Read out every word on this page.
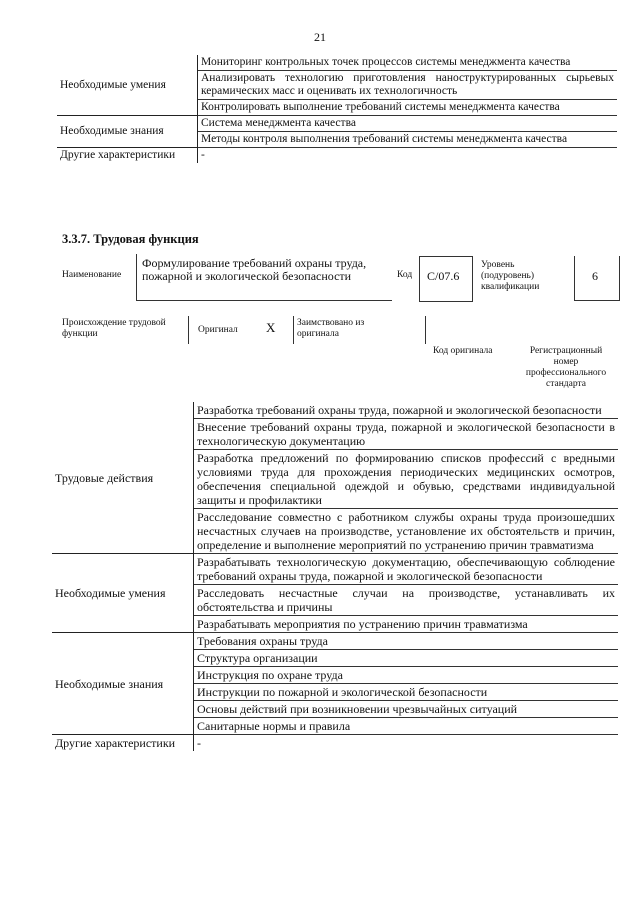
21
Необходимые умения	Мониторинг контрольных точек процессов системы менеджмента качества
	Анализировать технологию приготовления наноструктурированных сырьевых керамических масс и оценивать их технологичность
	Контролировать выполнение требований системы менеджмента качества
Необходимые знания	Система менеджмента качества
	Методы контроля выполнения требований системы менеджмента качества
Другие характеристики	-
3.3.7. Трудовая функция
Наименование
Формулирование требований охраны труда, пожарной и экологической безопасности	Код С/07.6
Уровень (подуровень) квалификации
6
Происхождение трудовой функции	Оригинал X Заимствовано из оригинала
Код оригинала	Регистрационный номер профессионального стандарта
Трудовые действия	Разработка требований охраны труда, пожарной и экологической безопасности
	Внесение требований охраны труда, пожарной и экологической безопасности в технологическую документацию
	Разработка предложений по формированию списков профессий с вредными условиями труда для прохождения периодических медицинских осмотров, обеспечения специальной одеждой и обувью, средствами индивидуальной защиты и профилактики
	Расследование совместно с работником службы охраны труда произошедших несчастных случаев на производстве, установление их обстоятельств и причин, определение и выполнение мероприятий по устранению причин травматизма
Необходимые умения	Разрабатывать технологическую документацию, обеспечивающую соблюдение требований охраны труда, пожарной и экологической безопасности
	Расследовать несчастные случаи на производстве, устанавливать их обстоятельства и причины
	Разрабатывать мероприятия по устранению причин травматизма
Необходимые знания	Требования охраны труда
	Структура организации
	Инструкция по охране труда
	Инструкции по пожарной и экологической безопасности
	Основы действий при возникновении чрезвычайных ситуаций
	Санитарные нормы и правила
Другие характеристики	-
